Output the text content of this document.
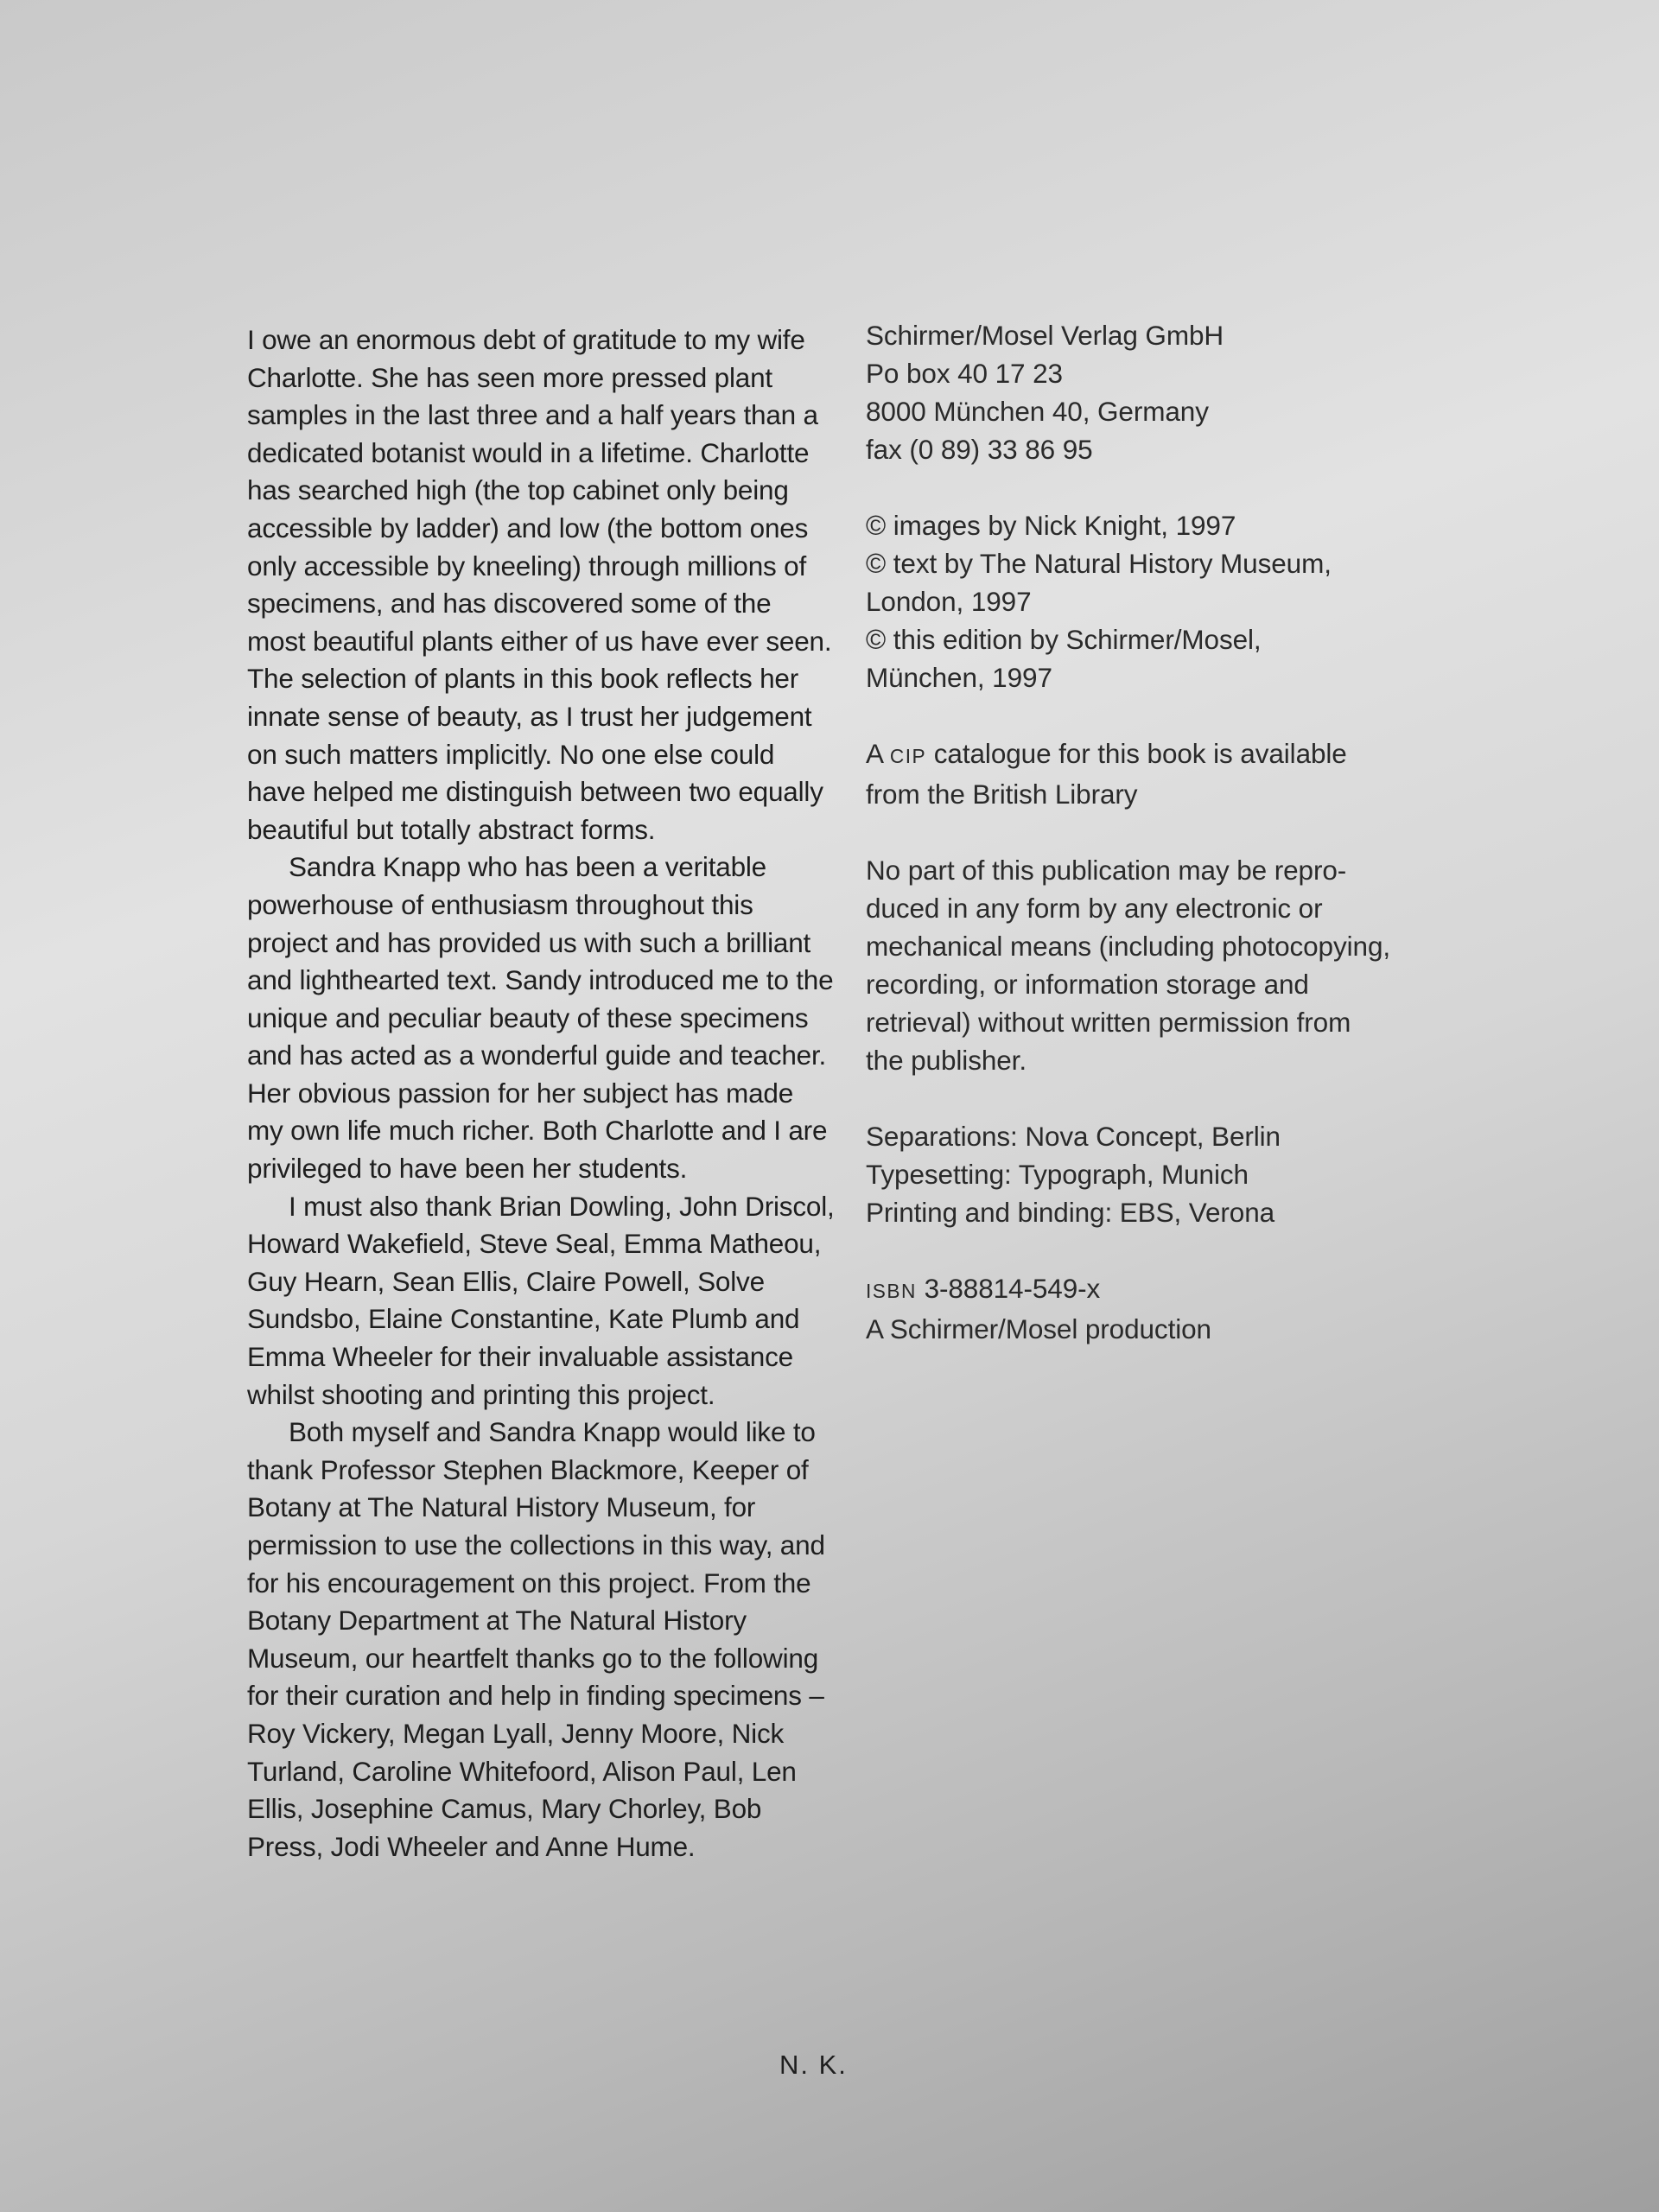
I owe an enormous debt of gratitude to my wife Charlotte. She has seen more pressed plant samples in the last three and a half years than a dedicated botanist would in a lifetime. Charlotte has searched high (the top cabinet only being accessible by ladder) and low (the bottom ones only accessible by kneeling) through millions of specimens, and has discovered some of the most beautiful plants either of us have ever seen. The selection of plants in this book reflects her innate sense of beauty, as I trust her judgement on such matters implicitly. No one else could have helped me distinguish between two equally beautiful but totally abstract forms.

Sandra Knapp who has been a veritable powerhouse of enthusiasm throughout this project and has provided us with such a brilliant and lighthearted text. Sandy introduced me to the unique and peculiar beauty of these specimens and has acted as a wonderful guide and teacher. Her obvious passion for her subject has made my own life much richer. Both Charlotte and I are privileged to have been her students.

I must also thank Brian Dowling, John Driscol, Howard Wakefield, Steve Seal, Emma Matheou, Guy Hearn, Sean Ellis, Claire Powell, Solve Sundsbo, Elaine Constantine, Kate Plumb and Emma Wheeler for their invaluable assistance whilst shooting and printing this project.

Both myself and Sandra Knapp would like to thank Professor Stephen Blackmore, Keeper of Botany at The Natural History Museum, for permission to use the collections in this way, and for his encouragement on this project. From the Botany Department at The Natural History Museum, our heartfelt thanks go to the following for their curation and help in finding specimens – Roy Vickery, Megan Lyall, Jenny Moore, Nick Turland, Caroline Whitefoord, Alison Paul, Len Ellis, Josephine Camus, Mary Chorley, Bob Press, Jodi Wheeler and Anne Hume.

N. K.
Schirmer/Mosel Verlag GmbH
Po box 40 17 23
8000 München 40, Germany
fax (0 89) 33 86 95
© images by Nick Knight, 1997
© text by The Natural History Museum,
London, 1997
© this edition by Schirmer/Mosel,
München, 1997
A CIP catalogue for this book is available
from the British Library
No part of this publication may be repro-
duced in any form by any electronic or
mechanical means (including photocopying,
recording, or information storage and
retrieval) without written permission from
the publisher.
Separations: Nova Concept, Berlin
Typesetting: Typograph, Munich
Printing and binding: EBS, Verona
ISBN 3-88814-549-x
A Schirmer/Mosel production
